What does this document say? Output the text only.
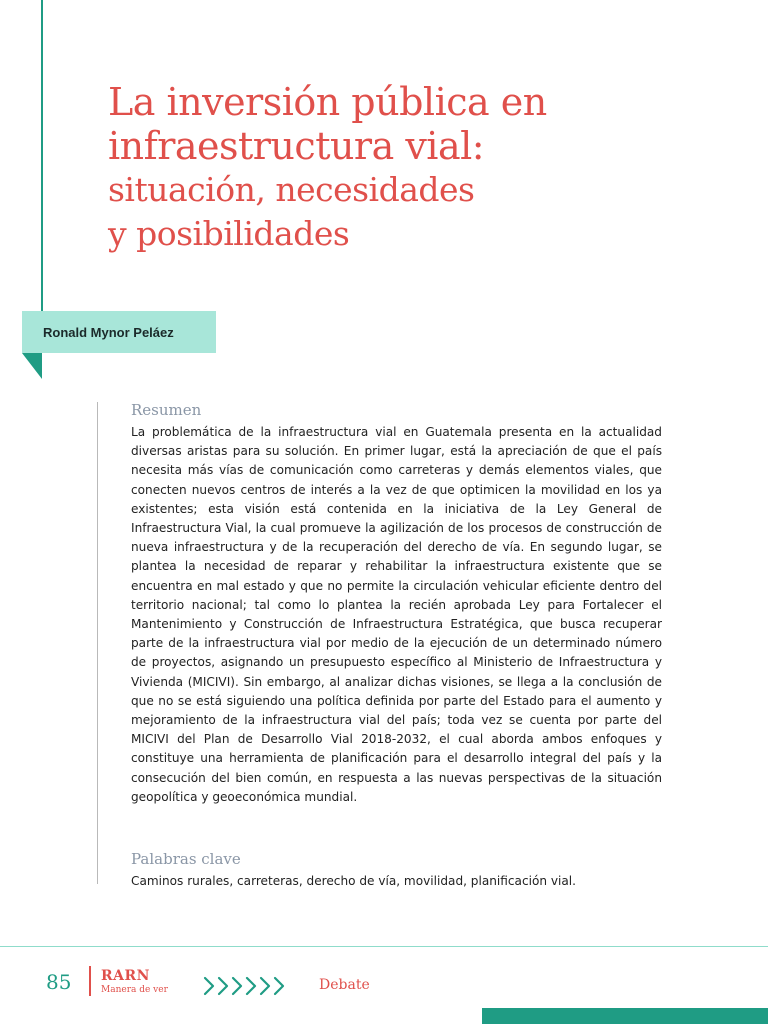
La inversión pública en
infraestructura vial:
situación, necesidades
y posibilidades
Ronald Mynor Peláez
Resumen

La problemática de la infraestructura vial en Guatemala presenta en la actualidad diversas aristas para su solución. En primer lugar, está la apreciación de que el país necesita más vías de comunicación como carreteras y demás elementos viales, que conecten nuevos centros de interés a la vez de que optimicen la movilidad en los ya existentes; esta visión está contenida en la iniciativa de la Ley General de Infraestructura Vial, la cual promueve la agilización de los procesos de construcción de nueva infraestructura y de la recuperación del derecho de vía. En segundo lugar, se plantea la necesidad de reparar y rehabilitar la infraestructura existente que se encuentra en mal estado y que no permite la circulación vehicular eficiente dentro del territorio nacional; tal como lo plantea la recién aprobada Ley para Fortalecer el Mantenimiento y Construcción de Infraestructura Estratégica, que busca recuperar parte de la infraestructura vial por medio de la ejecución de un determinado número de proyectos, asignando un presupuesto específico al Ministerio de Infraestructura y Vivienda (MICIVI). Sin embargo, al analizar dichas visiones, se llega a la conclusión de que no se está siguiendo una política definida por parte del Estado para el aumento y mejoramiento de la infraestructura vial del país; toda vez se cuenta por parte del MICIVI del Plan de Desarrollo Vial 2018-2032, el cual aborda ambos enfoques y constituye una herramienta de planificación para el desarrollo integral del país y la consecución del bien común, en respuesta a las nuevas perspectivas de la situación geopolítica y geoeconómica mundial.

Palabras clave
Caminos rurales, carreteras, derecho de vía, movilidad, planificación vial.
85 RARN
Manera de ver	Debate
